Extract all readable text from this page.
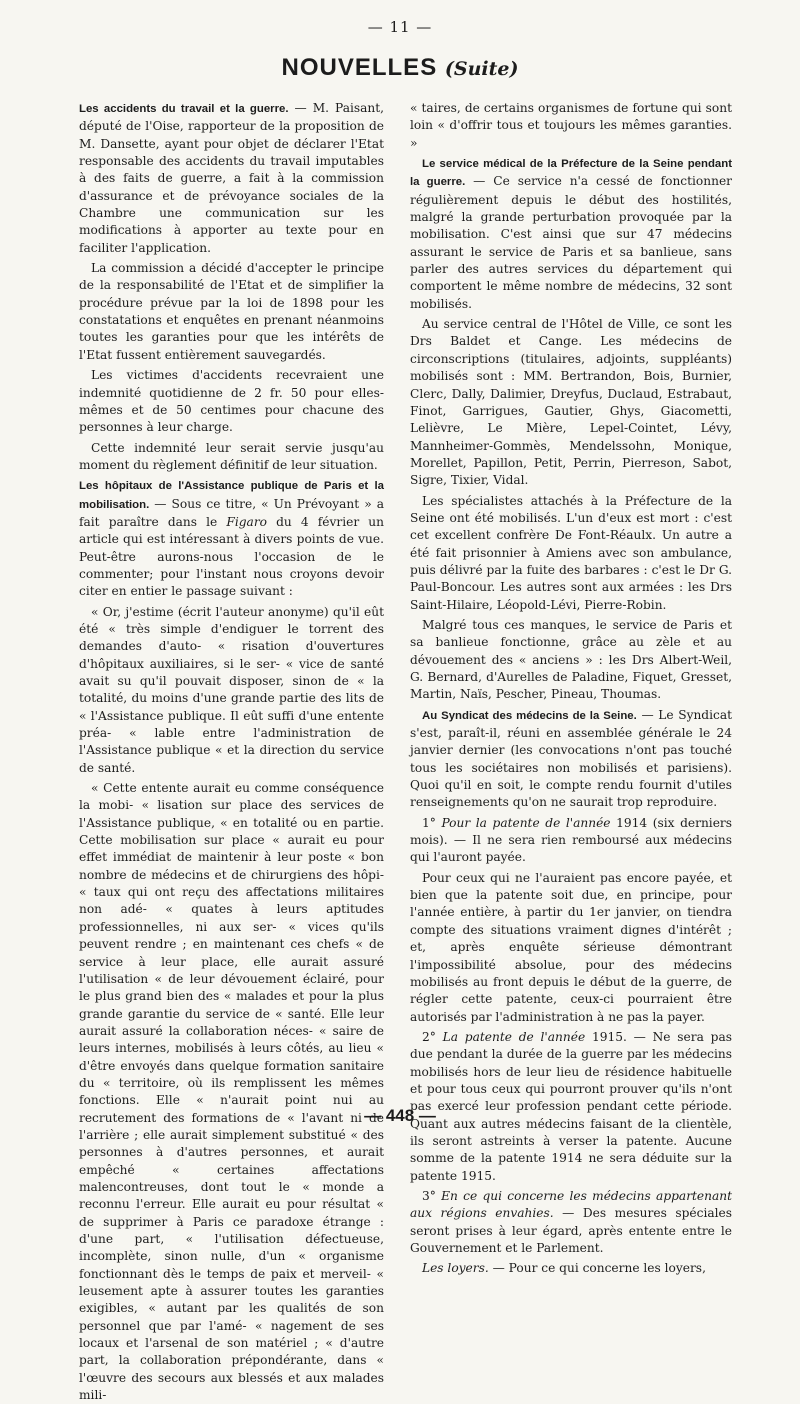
— 11 —
NOUVELLES (Suite)

Les accidents du travail et la guerre. — M. Paisant, député de l'Oise, rapporteur de la proposition de M. Dansette, ayant pour objet de déclarer l'Etat responsable des accidents du travail imputables à des faits de guerre, a fait à la commission d'assurance et de prévoyance sociales de la Chambre une communication sur les modifications à apporter au texte pour en faciliter l'application.

La commission a décidé d'accepter le principe de la responsabilité de l'Etat et de simplifier la procédure prévue par la loi de 1898 pour les constatations et enquêtes en prenant néanmoins toutes les garanties pour que les intérêts de l'Etat fussent entièrement sauvegardés.

Les victimes d'accidents recevraient une indemnité quotidienne de 2 fr. 50 pour elles-mêmes et de 50 centimes pour chacune des personnes à leur charge.

Cette indemnité leur serait servie jusqu'au moment du règlement définitif de leur situation.

Les hôpitaux de l'Assistance publique de Paris et la mobilisation. — Sous ce titre, « Un Prévoyant » a fait paraître dans le Figaro du 4 février un article qui est intéressant à divers points de vue. Peut-être aurons-nous l'occasion de le commenter; pour l'instant nous croyons devoir citer en entier le passage suivant :

« Or, j'estime (écrit l'auteur anonyme) qu'il eût été « très simple d'endiguer le torrent des demandes d'auto- « risation d'ouvertures d'hôpitaux auxiliaires, si le ser- « vice de santé avait su qu'il pouvait disposer, sinon de « la totalité, du moins d'une grande partie des lits de « l'Assistance publique. Il eût suffi d'une entente préa- « lable entre l'administration de l'Assistance publique « et la direction du service de santé.

« Cette entente aurait eu comme conséquence la mobi- « lisation sur place des services de l'Assistance publique, « en totalité ou en partie. Cette mobilisation sur place « aurait eu pour effet immédiat de maintenir à leur poste « bon nombre de médecins et de chirurgiens des hôpi- « taux qui ont reçu des affectations militaires non adé- « quates à leurs aptitudes professionnelles, ni aux ser- « vices qu'ils peuvent rendre ; en maintenant ces chefs « de service à leur place, elle aurait assuré l'utilisation « de leur dévouement éclairé, pour le plus grand bien des « malades et pour la plus grande garantie du service de « santé. Elle leur aurait assuré la collaboration néces- « saire de leurs internes, mobilisés à leurs côtés, au lieu « d'être envoyés dans quelque formation sanitaire du « territoire, où ils remplissent les mêmes fonctions. Elle « n'aurait point nui au recrutement des formations de « l'avant ni de l'arrière ; elle aurait simplement substitué « des personnes à d'autres personnes, et aurait empêché « certaines affectations malencontreuses, dont tout le « monde a reconnu l'erreur. Elle aurait eu pour résultat « de supprimer à Paris ce paradoxe étrange : d'une part, « l'utilisation défectueuse, incomplète, sinon nulle, d'un « organisme fonctionnant dès le temps de paix et merveil- « leusement apte à assurer toutes les garanties exigibles, « autant par les qualités de son personnel que par l'amé- « nagement de ses locaux et l'arsenal de son matériel ; « d'autre part, la collaboration prépondérante, dans « l'œuvre des secours aux blessés et aux malades mili-

« taires, de certains organismes de fortune qui sont loin « d'offrir tous et toujours les mêmes garanties. »

Le service médical de la Préfecture de la Seine pendant la guerre. — Ce service n'a cessé de fonctionner régulièrement depuis le début des hostilités, malgré la grande perturbation provoquée par la mobilisation. C'est ainsi que sur 47 médecins assurant le service de Paris et sa banlieue, sans parler des autres services du département qui comportent le même nombre de médecins, 32 sont mobilisés.

Au service central de l'Hôtel de Ville, ce sont les Drs Baldet et Cange. Les médecins de circonscriptions (titulaires, adjoints, suppléants) mobilisés sont : MM. Bertrandon, Bois, Burnier, Clerc, Dally, Dalimier, Dreyfus, Duclaud, Estrabaut, Finot, Garrigues, Gautier, Ghys, Giacometti, Lelièvre, Le Mière, Lepel-Cointet, Lévy, Mannheimer-Gommès, Mendelssohn, Monique, Morellet, Papillon, Petit, Perrin, Pierreson, Sabot, Sigre, Tixier, Vidal.

Les spécialistes attachés à la Préfecture de la Seine ont été mobilisés. L'un d'eux est mort : c'est cet excellent confrère De Font-Réaulx. Un autre a été fait prisonnier à Amiens avec son ambulance, puis délivré par la fuite des barbares : c'est le Dr G. Paul-Boncour. Les autres sont aux armées : les Drs Saint-Hilaire, Léopold-Lévi, Pierre-Robin.

Malgré tous ces manques, le service de Paris et sa banlieue fonctionne, grâce au zèle et au dévouement des « anciens » : les Drs Albert-Weil, G. Bernard, d'Aurelles de Paladine, Fiquet, Gresset, Martin, Naïs, Pescher, Pineau, Thoumas.

Au Syndicat des médecins de la Seine. — Le Syndicat s'est, paraît-il, réuni en assemblée générale le 24 janvier dernier (les convocations n'ont pas touché tous les sociétaires non mobilisés et parisiens). Quoi qu'il en soit, le compte rendu fournit d'utiles renseignements qu'on ne saurait trop reproduire.

1° Pour la patente de l'année 1914 (six derniers mois). — Il ne sera rien remboursé aux médecins qui l'auront payée.

Pour ceux qui ne l'auraient pas encore payée, et bien que la patente soit due, en principe, pour l'année entière, à partir du 1er janvier, on tiendra compte des situations vraiment dignes d'intérêt ; et, après enquête sérieuse démontrant l'impossibilité absolue, pour des médecins mobilisés au front depuis le début de la guerre, de régler cette patente, ceux-ci pourraient être autorisés par l'administration à ne pas la payer.

2° La patente de l'année 1915. — Ne sera pas due pendant la durée de la guerre par les médecins mobilisés hors de leur lieu de résidence habituelle et pour tous ceux qui pourront prouver qu'ils n'ont pas exercé leur profession pendant cette période. Quant aux autres médecins faisant de la clientèle, ils seront astreints à verser la patente. Aucune somme de la patente 1914 ne sera déduite sur la patente 1915.

3° En ce qui concerne les médecins appartenant aux régions envahies. — Des mesures spéciales seront prises à leur égard, après entente entre le Gouvernement et le Parlement.

Les loyers. — Pour ce qui concerne les loyers,

— 448 —
